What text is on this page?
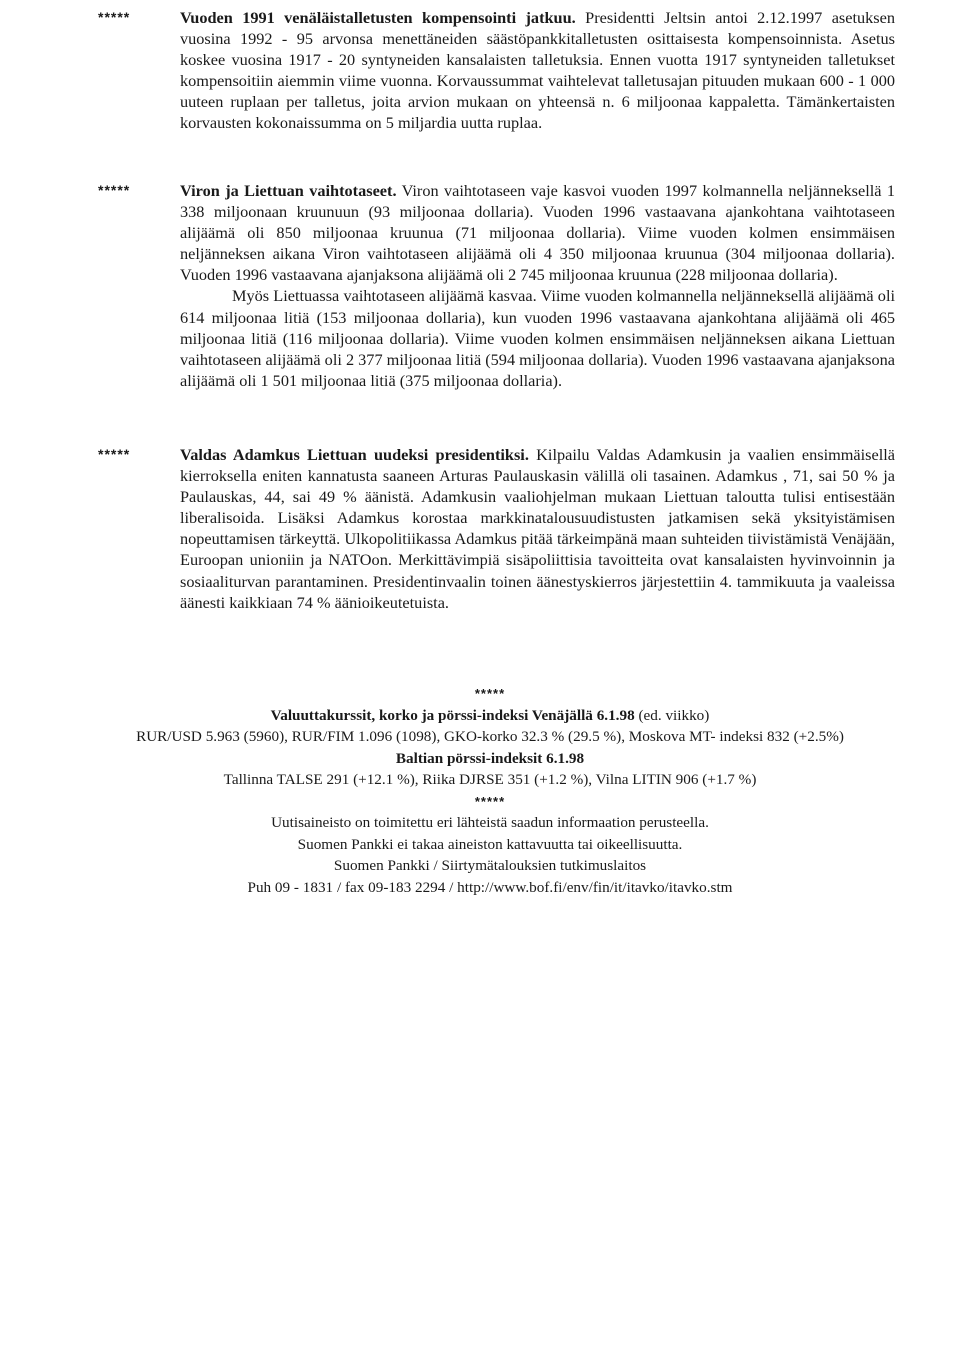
*****	Vuoden 1991 venäläistalletusten kompensointi jatkuu. Presidentti Jeltsin antoi 2.12.1997 asetuksen vuosina 1992 - 95 arvonsa menettäneiden säästöpankkitalletusten osittaisesta kompensoinnista. Asetus koskee vuosina 1917 - 20 syntyneiden kansalaisten talletuksia. Ennen vuotta 1917 syntyneiden talletukset kompensoitiin aiemmin viime vuonna. Korvaussummat vaihtelevat talletusajan pituuden mukaan 600 - 1 000 uuteen ruplaan per talletus, joita arvion mukaan on yhteensä n. 6 miljoonaa kappaletta. Tämänkertaisten korvausten kokonaissumma on 5 miljardia uutta ruplaa.

*****	Viron ja Liettuan vaihtotaseet. Viron vaihtotaseen vaje kasvoi vuoden 1997 kolmannella neljänneksellä 1 338 miljoonaan kruunuun (93 miljoonaa dollaria). Vuoden 1996 vastaavana ajankohtana vaihtotaseen alijäämä oli 850 miljoonaa kruunua (71 miljoonaa dollaria). Viime vuoden kolmen ensimmäisen neljänneksen aikana Viron vaihtotaseen alijäämä oli 4 350 miljoonaa kruunua (304 miljoonaa dollaria). Vuoden 1996 vastaavana ajanjaksona alijäämä oli 2 745 miljoonaa kruunua (228 miljoonaa dollaria).

Myös Liettuassa vaihtotaseen alijäämä kasvaa. Viime vuoden kolmannella neljänneksellä alijäämä oli 614 miljoonaa litiä (153 miljoonaa dollaria), kun vuoden 1996 vastaavana ajankohtana alijäämä oli 465 miljoonaa litiä (116 miljoonaa dollaria). Viime vuoden kolmen ensimmäisen neljänneksen aikana Liettuan vaihtotaseen alijäämä oli 2 377 miljoonaa litiä (594 miljoonaa dollaria). Vuoden 1996 vastaavana ajanjaksona alijäämä oli 1 501 miljoonaa litiä (375 miljoonaa dollaria).

*****	Valdas Adamkus Liettuan uudeksi presidentiksi. Kilpailu Valdas Adamkusin ja vaalien ensimmäisellä kierroksella eniten kannatusta saaneen Arturas Paulauskasin välillä oli tasainen. Adamkus , 71, sai 50 % ja Paulauskas, 44, sai 49 % äänistä. Adamkusin vaaliohjelman mukaan Liettuan taloutta tulisi entisestään liberalisoida. Lisäksi Adamkus korostaa markkinatalousuudistusten jatkamisen sekä yksityistämisen nopeuttamisen tärkeyttä. Ulkopolitiikassa Adamkus pitää tärkeimpänä maan suhteiden tiivistämistä Venäjään, Euroopan unioniin ja NATOon. Merkittävimpiä sisäpoliittisia tavoitteita ovat kansalaisten hyvinvoinnin ja sosiaaliturvan parantaminen. Presidentinvaalin toinen äänestyskierros järjestettiin 4. tammikuuta ja vaaleissa äänesti kaikkiaan 74 % äänioikeutetuista.

*****
Valuuttakurssit, korko ja pörssi-indeksi Venäjällä 6.1.98 (ed. viikko)
RUR/USD 5.963 (5960), RUR/FIM 1.096 (1098), GKO-korko 32.3 % (29.5 %), Moskova MT- indeksi 832 (+2.5%)
Baltian pörssi-indeksit 6.1.98
Tallinna TALSE 291 (+12.1 %), Riika DJRSE 351 (+1.2 %), Vilna LITIN 906 (+1.7 %)
*****
Uutisaineisto on toimitettu eri lähteistä saadun informaation perusteella.
Suomen Pankki ei takaa aineiston kattavuutta tai oikeellisuutta.
Suomen Pankki / Siirtymätalouksien tutkimuslaitos
Puh 09 - 1831 / fax 09-183 2294 / http://www.bof.fi/env/fin/it/itavko/itavko.stm
